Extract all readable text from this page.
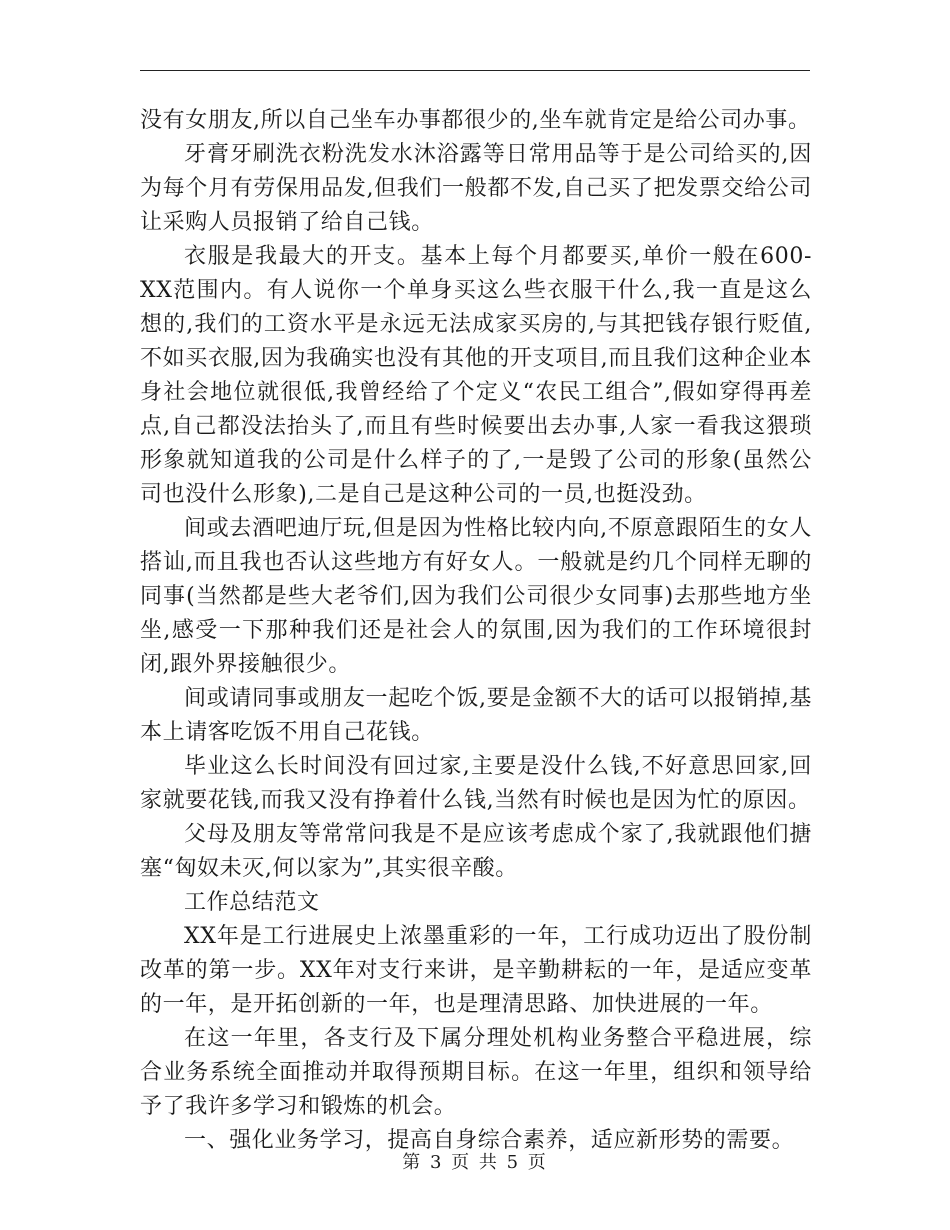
没有女朋友,所以自己坐车办事都很少的,坐车就肯定是给公司办事。

牙膏牙刷洗衣粉洗发水沐浴露等日常用品等于是公司给买的,因为每个月有劳保用品发,但我们一般都不发,自己买了把发票交给公司让采购人员报销了给自己钱。

衣服是我最大的开支。基本上每个月都要买,单价一般在600-XX范围内。有人说你一个单身买这么些衣服干什么,我一直是这么想的,我们的工资水平是永远无法成家买房的,与其把钱存银行贬值,不如买衣服,因为我确实也没有其他的开支项目,而且我们这种企业本身社会地位就很低,我曾经给了个定义“农民工组合”,假如穿得再差点,自己都没法抬头了,而且有些时候要出去办事,人家一看我这猥琐形象就知道我的公司是什么样子的了,一是毁了公司的形象(虽然公司也没什么形象),二是自己是这种公司的一员,也挺没劲。

间或去酒吧迪厅玩,但是因为性格比较内向,不原意跟陌生的女人搭讪,而且我也否认这些地方有好女人。一般就是约几个同样无聊的同事(当然都是些大老爷们,因为我们公司很少女同事)去那些地方坐坐,感受一下那种我们还是社会人的氛围,因为我们的工作环境很封闭,跟外界接触很少。

间或请同事或朋友一起吃个饭,要是金额不大的话可以报销掉,基本上请客吃饭不用自己花钱。

毕业这么长时间没有回过家,主要是没什么钱,不好意思回家,回家就要花钱,而我又没有挣着什么钱,当然有时候也是因为忙的原因。

父母及朋友等常常问我是不是应该考虑成个家了,我就跟他们搪塞“匈奴未灭,何以家为”,其实很辛酸。

工作总结范文

XX年是工行进展史上浓墨重彩的一年，工行成功迈出了股份制改革的第一步。XX年对支行来讲，是辛勤耕耘的一年，是适应变革的一年，是开拓创新的一年，也是理清思路、加快进展的一年。

在这一年里，各支行及下属分理处机构业务整合平稳进展，综合业务系统全面推动并取得预期目标。在这一年里，组织和领导给予了我许多学习和锻炼的机会。

一、强化业务学习，提高自身综合素养，适应新形势的需要。

第 3 页 共 5 页
